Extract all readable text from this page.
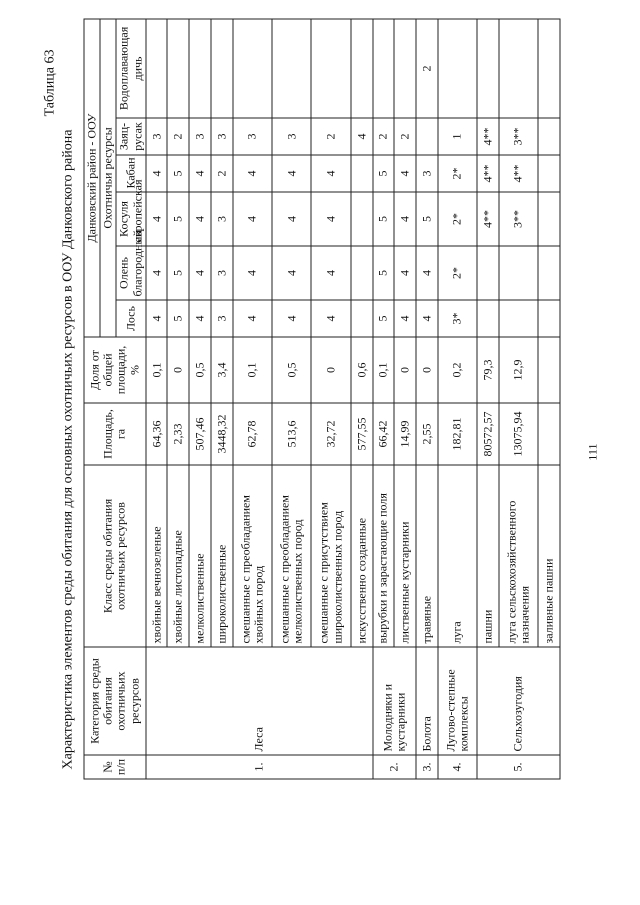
Характеристика элементов среды обитания для основных охотничьих ресурсов в ООУ Данковского района
Таблица 63
№ п/п	Категория среды обитания охотничьих ресурсов	Класс среды обитания охотничьих ресурсов	Площадь, га	Доля от общей площади, %	Данковский район - ООУ					
					Охотничьи ресурсы					
					Лось	Олень благородный	Косуля европейская	Кабан	Заяц-русак	Водоплавающая дичь
1.	Леса	хвойные вечнозеленые	64,36	0,1	4	4	4	4	3	
		хвойные листопадные	2,33	0	5	5	5	5	2	
		мелколиственные	507,46	0,5	4	4	4	4	3	
		широколиственные	3448,32	3,4	3	3	3	2	3	
		смешанные с преобладанием хвойных пород	62,78	0,1	4	4	4	4	3	
		смешанные с преобладанием мелколиственных пород	513,6	0,5	4	4	4	4	3	
		смешанные с присутствием широколиственных пород	32,72	0	4	4	4	4	2	
		искусственно созданные	577,55	0,6					4	
2.	Молодняки и кустарники	вырубки и зарастающие поля	66,42	0,1	5	5	5	5	2	
		лиственные кустарники	14,99	0	4	4	4	4	2	
3.	Болота	травяные	2,55	0	4	4	5	3		2
4.	Лугово-степные комплексы	луга	182,81	0,2	3*	2*	2*	2*	1	
5.	Сельхозугодия	пашни	80572,57	79,3			4**	4**	4**	
		луга сельскохозяйственного назначения	13075,94	12,9			3**	4**	3**	
		заливные пашни								
111
